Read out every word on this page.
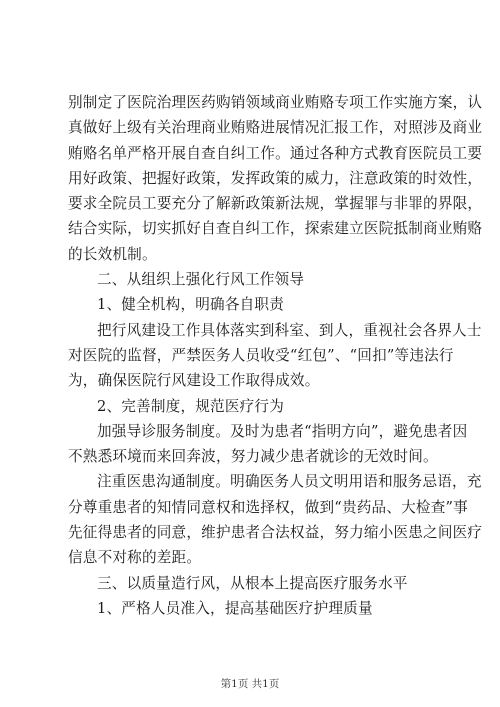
别制定了医院治理医药购销领域商业贿赂专项工作实施方案，认
真做好上级有关治理商业贿赂进展情况汇报工作，对照涉及商业
贿赂名单严格开展自查自纠工作。通过各种方式教育医院员工要
用好政策、把握好政策，发挥政策的威力，注意政策的时效性，
要求全院员工要充分了解新政策新法规，掌握罪与非罪的界限，
结合实际，切实抓好自查自纠工作，探索建立医院抵制商业贿赂
的长效机制。
二、从组织上强化行风工作领导
1、健全机构，明确各自职责
把行风建设工作具体落实到科室、到人，重视社会各界人士
对医院的监督，严禁医务人员收受“红包”、“回扣”等违法行
为，确保医院行风建设工作取得成效。
2、完善制度，规范医疗行为
加强导诊服务制度。及时为患者“指明方向”，避免患者因
不熟悉环境而来回奔波，努力减少患者就诊的无效时间。
注重医患沟通制度。明确医务人员文明用语和服务忌语，充
分尊重患者的知情同意权和选择权，做到“贵药品、大检查”事
先征得患者的同意，维护患者合法权益，努力缩小医患之间医疗
信息不对称的差距。
三、以质量造行风，从根本上提高医疗服务水平
1、严格人员准入，提高基础医疗护理质量
第1页 共1页
